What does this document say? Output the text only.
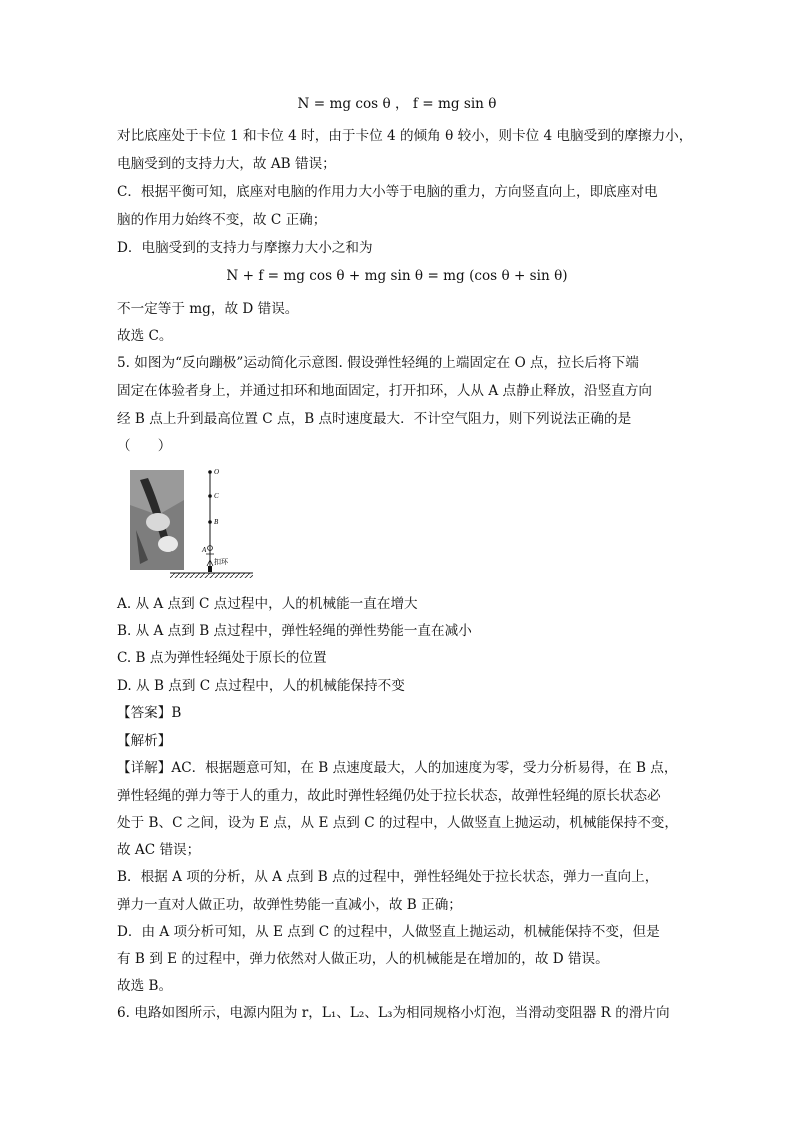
N = mg cos θ ， f = mg sin θ
对比底座处于卡位 1 和卡位 4 时，由于卡位 4 的倾角 θ 较小，则卡位 4 电脑受到的摩擦力小，
电脑受到的支持力大，故 AB 错误；
C．根据平衡可知，底座对电脑的作用力大小等于电脑的重力，方向竖直向上，即底座对电
脑的作用力始终不变，故 C 正确；
D．电脑受到的支持力与摩擦力大小之和为
N + f = mg cos θ + mg sin θ = mg (cos θ + sin θ)
不一定等于 mg，故 D 错误。
故选 C。
5. 如图为“反向蹦极”运动简化示意图. 假设弹性轻绳的上端固定在 O 点，拉长后将下端
固定在体验者身上，并通过扣环和地面固定，打开扣环，人从 A 点静止释放，沿竖直方向
经 B 点上升到最高位置 C 点，B 点时速度最大．不计空气阻力，则下列说法正确的是
（　　）
O
C
B
A
扣环
A. 从 A 点到 C 点过程中，人的机械能一直在增大
B. 从 A 点到 B 点过程中，弹性轻绳的弹性势能一直在减小
C. B 点为弹性轻绳处于原长的位置
D. 从 B 点到 C 点过程中，人的机械能保持不变
【答案】B
【解析】
【详解】AC．根据题意可知，在 B 点速度最大，人的加速度为零，受力分析易得，在 B 点，
弹性轻绳的弹力等于人的重力，故此时弹性轻绳仍处于拉长状态，故弹性轻绳的原长状态必
处于 B、C 之间，设为 E 点，从 E 点到 C 的过程中，人做竖直上抛运动，机械能保持不变，
故 AC 错误；
B．根据 A 项的分析，从 A 点到 B 点的过程中，弹性轻绳处于拉长状态，弹力一直向上，
弹力一直对人做正功，故弹性势能一直减小，故 B 正确；
D．由 A 项分析可知，从 E 点到 C 的过程中，人做竖直上抛运动，机械能保持不变，但是
有 B 到 E 的过程中，弹力依然对人做正功，人的机械能是在增加的，故 D 错误。
故选 B。
6. 电路如图所示，电源内阻为 r，L₁、L₂、L₃为相同规格小灯泡，当滑动变阻器 R 的滑片向
